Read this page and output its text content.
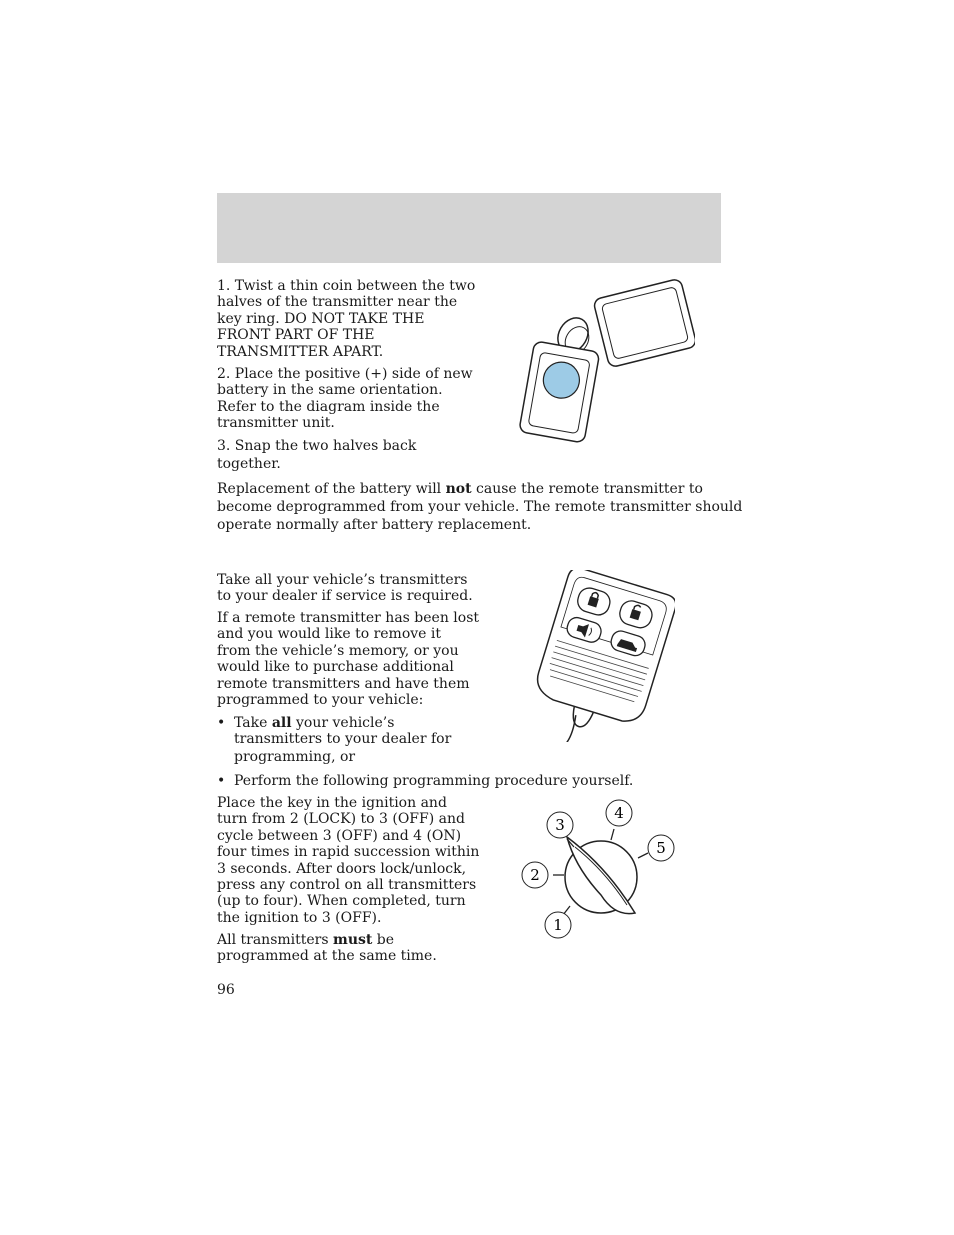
1. Twist a thin coin between the two
halves of the transmitter near the
key ring. DO NOT TAKE THE
FRONT PART OF THE
TRANSMITTER APART.
2. Place the positive (+) side of new
battery in the same orientation.
Refer to the diagram inside the
transmitter unit.
3. Snap the two halves back
together.
Replacement of the battery will not cause the remote transmitter to
become deprogrammed from your vehicle. The remote transmitter should
operate normally after battery replacement.
Take all your vehicle’s transmitters
to your dealer if service is required.
If a remote transmitter has been lost
and you would like to remove it
from the vehicle’s memory, or you
would like to purchase additional
remote transmitters and have them
programmed to your vehicle:
• Take all your vehicle’s
transmitters to your dealer for
programming, or
• Perform the following programming procedure yourself.
Place the key in the ignition and
turn from 2 (LOCK) to 3 (OFF) and
cycle between 3 (OFF) and 4 (ON)
four times in rapid succession within
3 seconds. After doors lock/unlock,
press any control on all transmitters
(up to four). When completed, turn
the ignition to 3 (OFF).
All transmitters must be
programmed at the same time.
1
2
3
4
5
96
